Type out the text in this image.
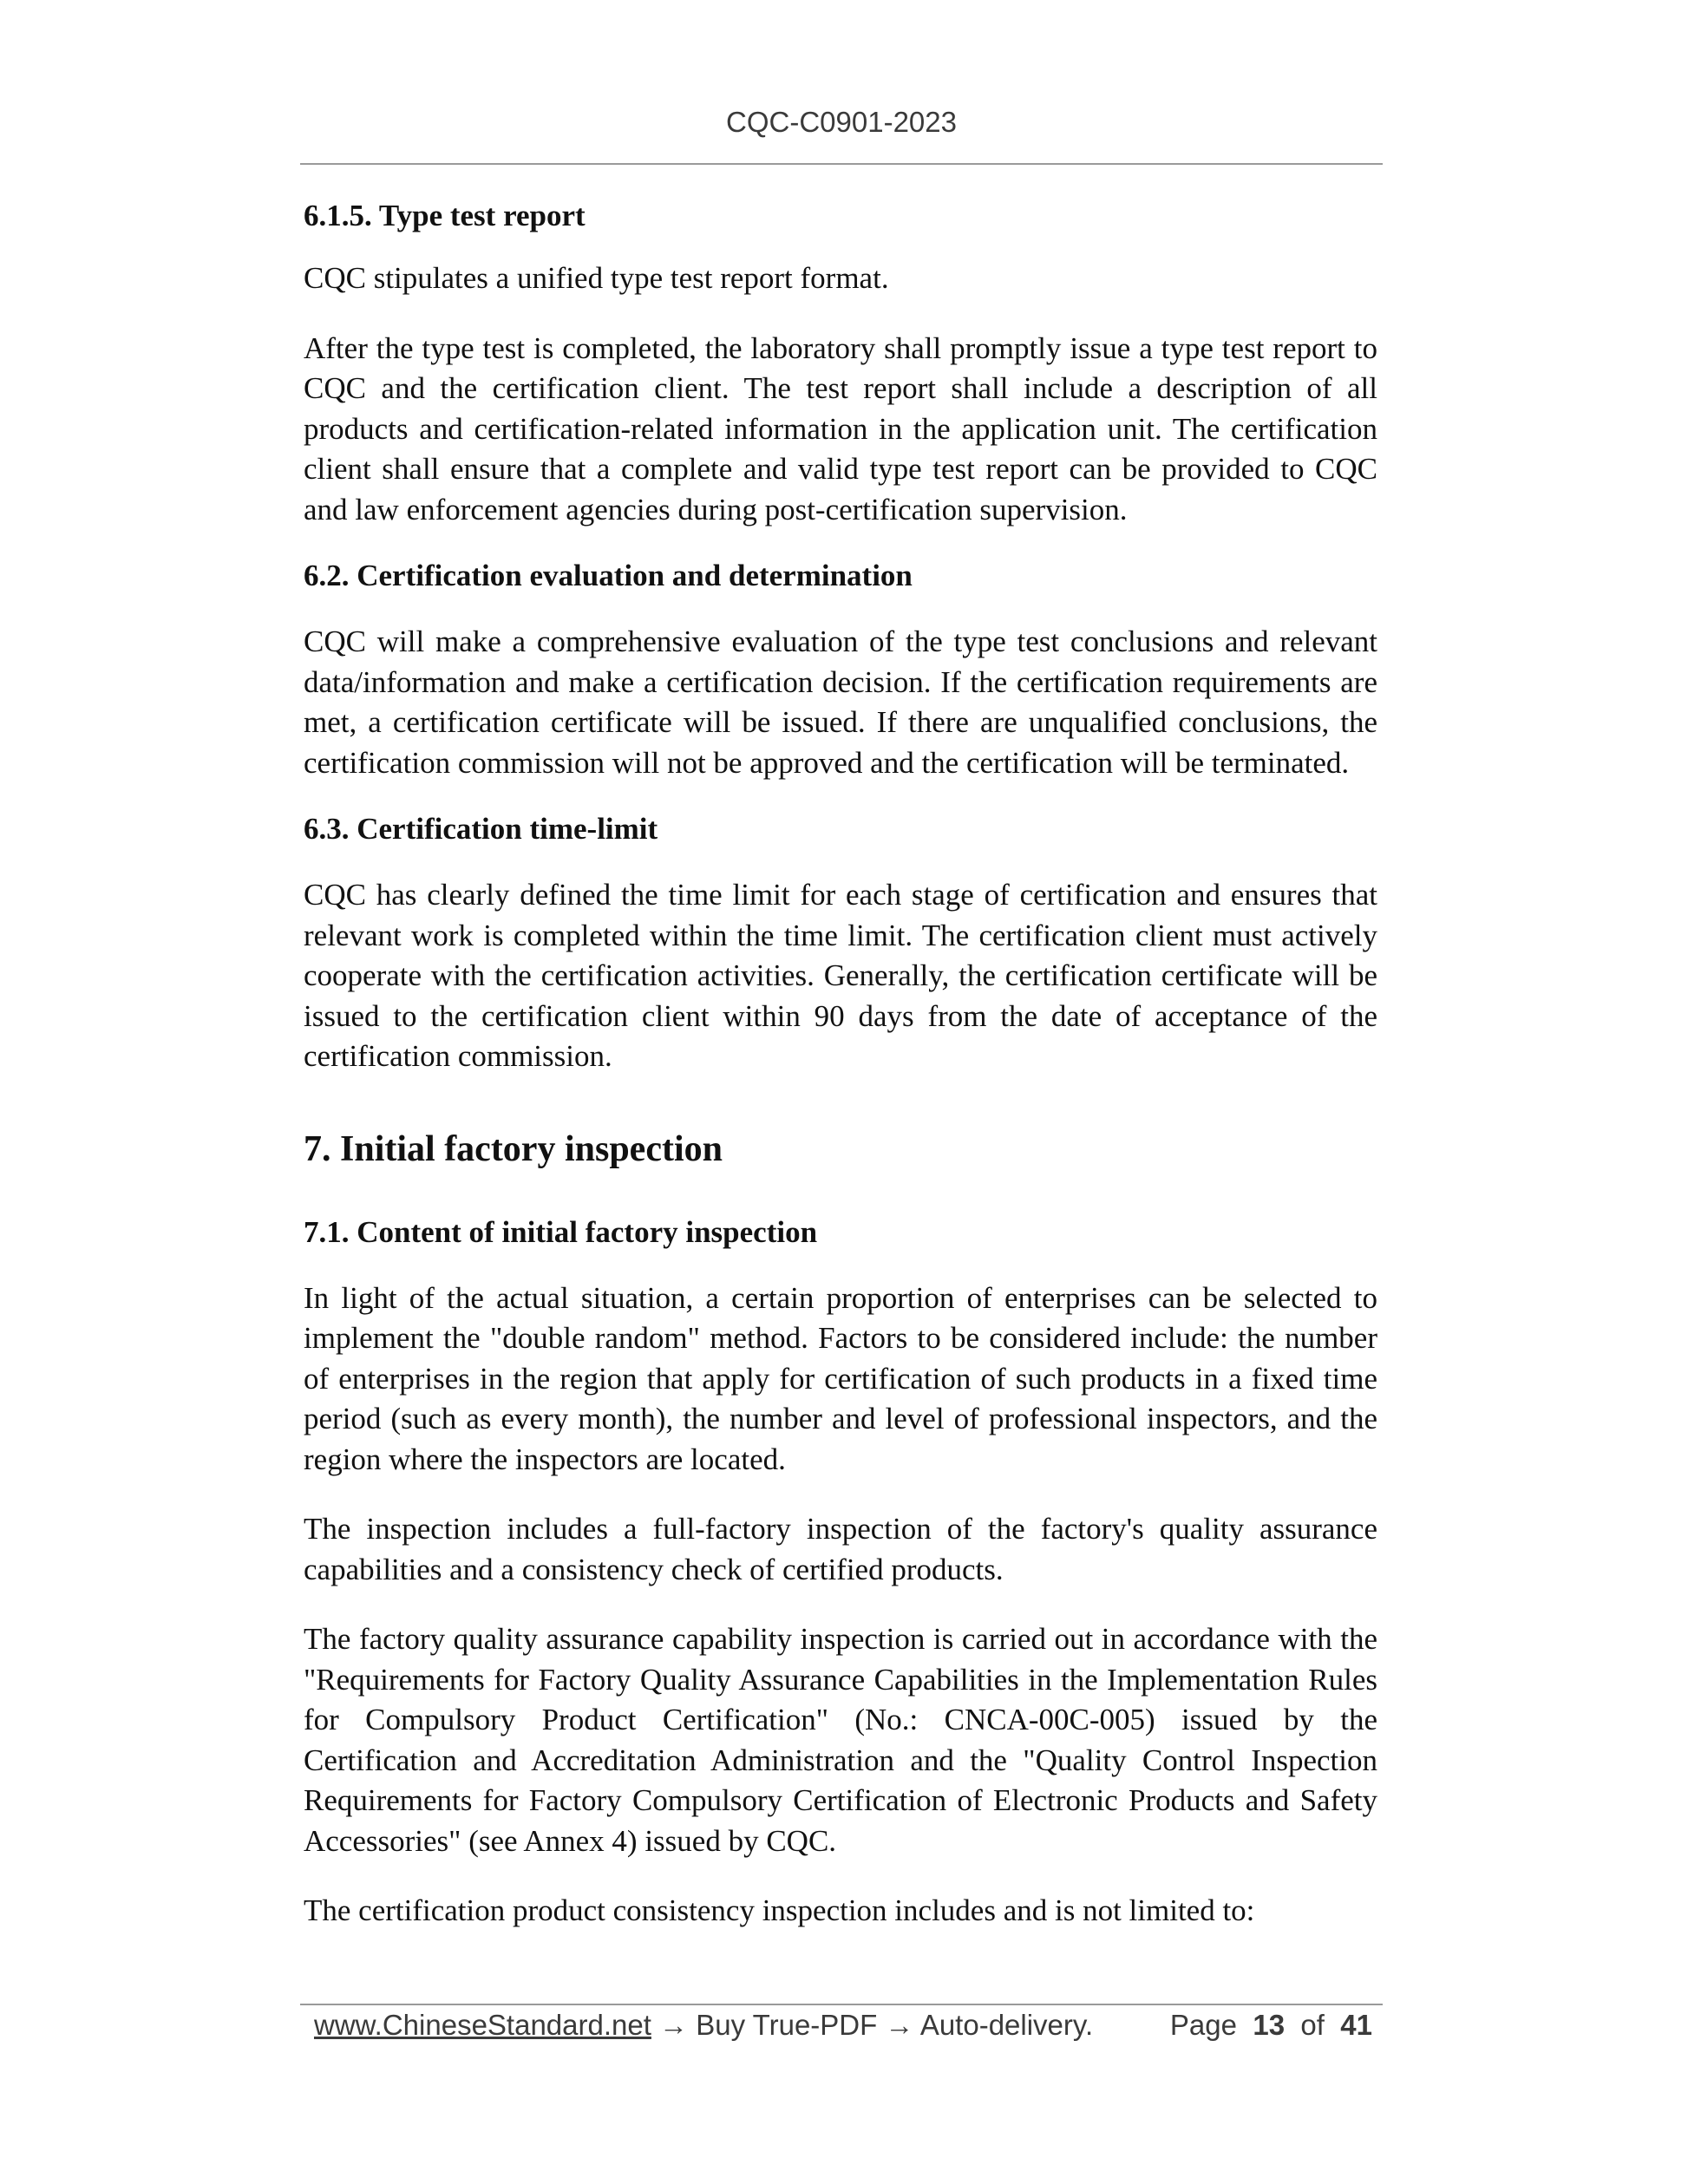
CQC-C0901-2023

6.1.5. Type test report

CQC stipulates a unified type test report format.

After the type test is completed, the laboratory shall promptly issue a type test report to CQC and the certification client. The test report shall include a description of all products and certification-related information in the application unit. The certification client shall ensure that a complete and valid type test report can be provided to CQC and law enforcement agencies during post-certification supervision.

6.2. Certification evaluation and determination

CQC will make a comprehensive evaluation of the type test conclusions and relevant data/information and make a certification decision. If the certification requirements are met, a certification certificate will be issued. If there are unqualified conclusions, the certification commission will not be approved and the certification will be terminated.

6.3. Certification time-limit

CQC has clearly defined the time limit for each stage of certification and ensures that relevant work is completed within the time limit. The certification client must actively cooperate with the certification activities. Generally, the certification certificate will be issued to the certification client within 90 days from the date of acceptance of the certification commission.

7. Initial factory inspection

7.1. Content of initial factory inspection

In light of the actual situation, a certain proportion of enterprises can be selected to implement the "double random" method. Factors to be considered include: the number of enterprises in the region that apply for certification of such products in a fixed time period (such as every month), the number and level of professional inspectors, and the region where the inspectors are located.

The inspection includes a full-factory inspection of the factory's quality assurance capabilities and a consistency check of certified products.

The factory quality assurance capability inspection is carried out in accordance with the "Requirements for Factory Quality Assurance Capabilities in the Implementation Rules for Compulsory Product Certification" (No.: CNCA-00C-005) issued by the Certification and Accreditation Administration and the "Quality Control Inspection Requirements for Factory Compulsory Certification of Electronic Products and Safety Accessories" (see Annex 4) issued by CQC.

The certification product consistency inspection includes and is not limited to:

www.ChineseStandard.net → Buy True-PDF → Auto-delivery.	Page 13 of 41
